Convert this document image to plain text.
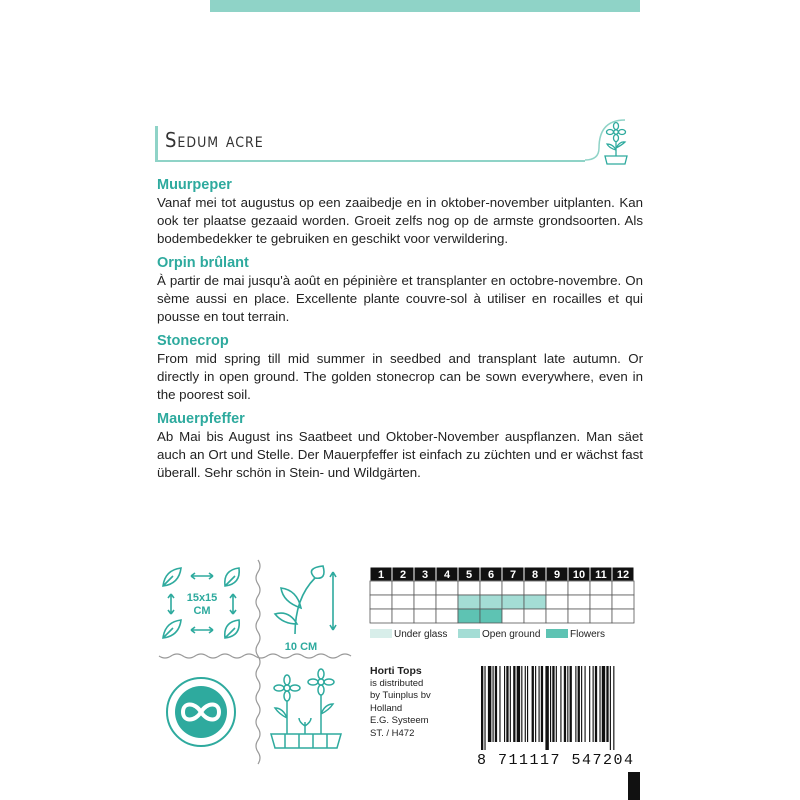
Sedum acre
Muurpeper
Vanaf mei tot augustus op een zaaibedje en in oktober-november uitplanten. Kan ook ter plaatse gezaaid worden. Groeit zelfs nog op de armste grondsoorten. Als bodembedekker te gebruiken en geschikt voor verwildering.
Orpin brûlant
À partir de mai jusqu'à août en pépinière et transplanter en octobre-novembre. On sème aussi en place. Excellente plante couvre-sol à utiliser en rocailles et qui pousse en tout terrain.
Stonecrop
From mid spring till mid summer in seedbed and transplant late autumn. Or directly in open ground. The golden stonecrop can be sown everywhere, even in the poorest soil.
Mauerpfeffer
Ab Mai bis August ins Saatbeet und Oktober-November auspflanzen. Man säet auch an Ort und Stelle. Der Mauerpfeffer ist einfach zu züchten und er wächst fast überall. Sehr schön in Stein- und Wildgärten.
15x15
CM
10 CM
1 2 3 4 5 6 7 8 9 10 11 12
Under glass	Open ground	Flowers
Horti Tops
is distributed
by Tuinplus bv
Holland
E.G. Systeem
ST. / H472
8 711117 547204
